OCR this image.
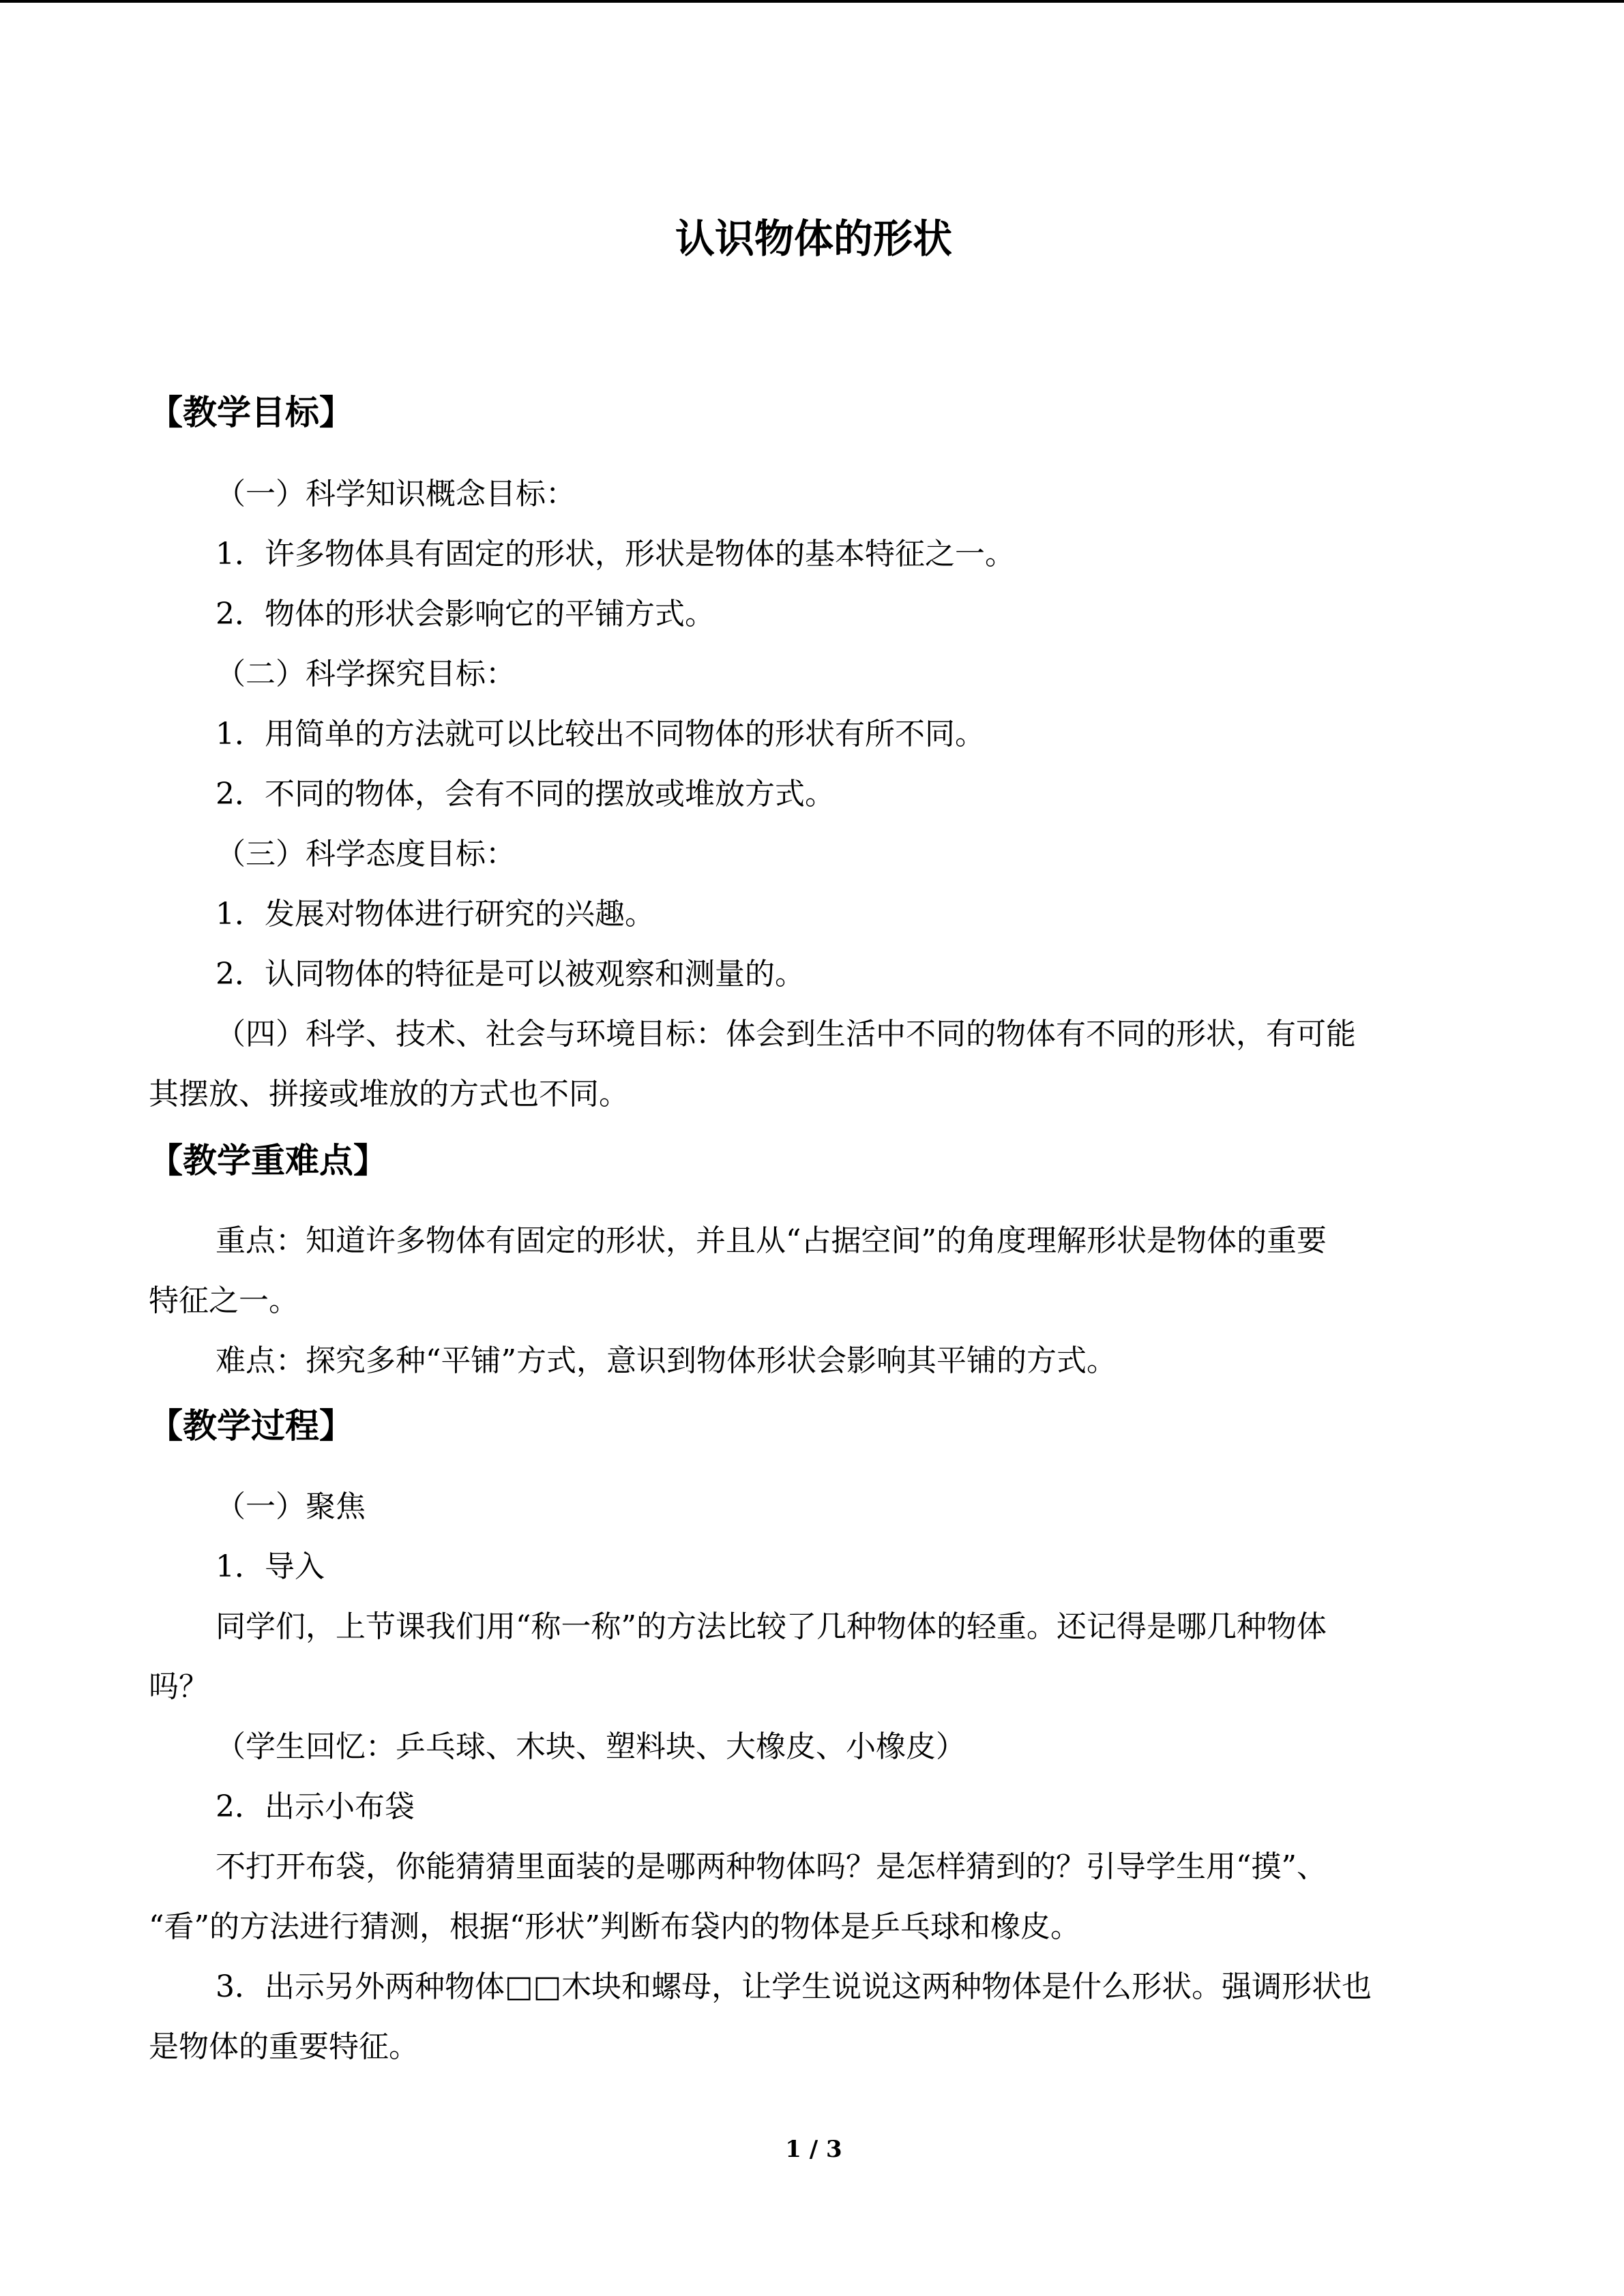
认识物体的形状
【教学目标】
（一）科学知识概念目标：
1．许多物体具有固定的形状，形状是物体的基本特征之一。
2．物体的形状会影响它的平铺方式。
（二）科学探究目标：
1．用简单的方法就可以比较出不同物体的形状有所不同。
2．不同的物体，会有不同的摆放或堆放方式。
（三）科学态度目标：
1．发展对物体进行研究的兴趣。
2．认同物体的特征是可以被观察和测量的。
（四）科学、技术、社会与环境目标：体会到生活中不同的物体有不同的形状，有可能
其摆放、拼接或堆放的方式也不同。
【教学重难点】
重点：知道许多物体有固定的形状，并且从“占据空间”的角度理解形状是物体的重要
特征之一。
难点：探究多种“平铺”方式，意识到物体形状会影响其平铺的方式。
【教学过程】
（一）聚焦
1．导入
同学们，上节课我们用“称一称”的方法比较了几种物体的轻重。还记得是哪几种物体
吗？
（学生回忆：乒乓球、木块、塑料块、大橡皮、小橡皮）
2．出示小布袋
不打开布袋，你能猜猜里面装的是哪两种物体吗？是怎样猜到的？引导学生用“摸”、
“看”的方法进行猜测，根据“形状”判断布袋内的物体是乒乓球和橡皮。
3．出示另外两种物体□□木块和螺母，让学生说说这两种物体是什么形状。强调形状也
是物体的重要特征。
1 / 3
